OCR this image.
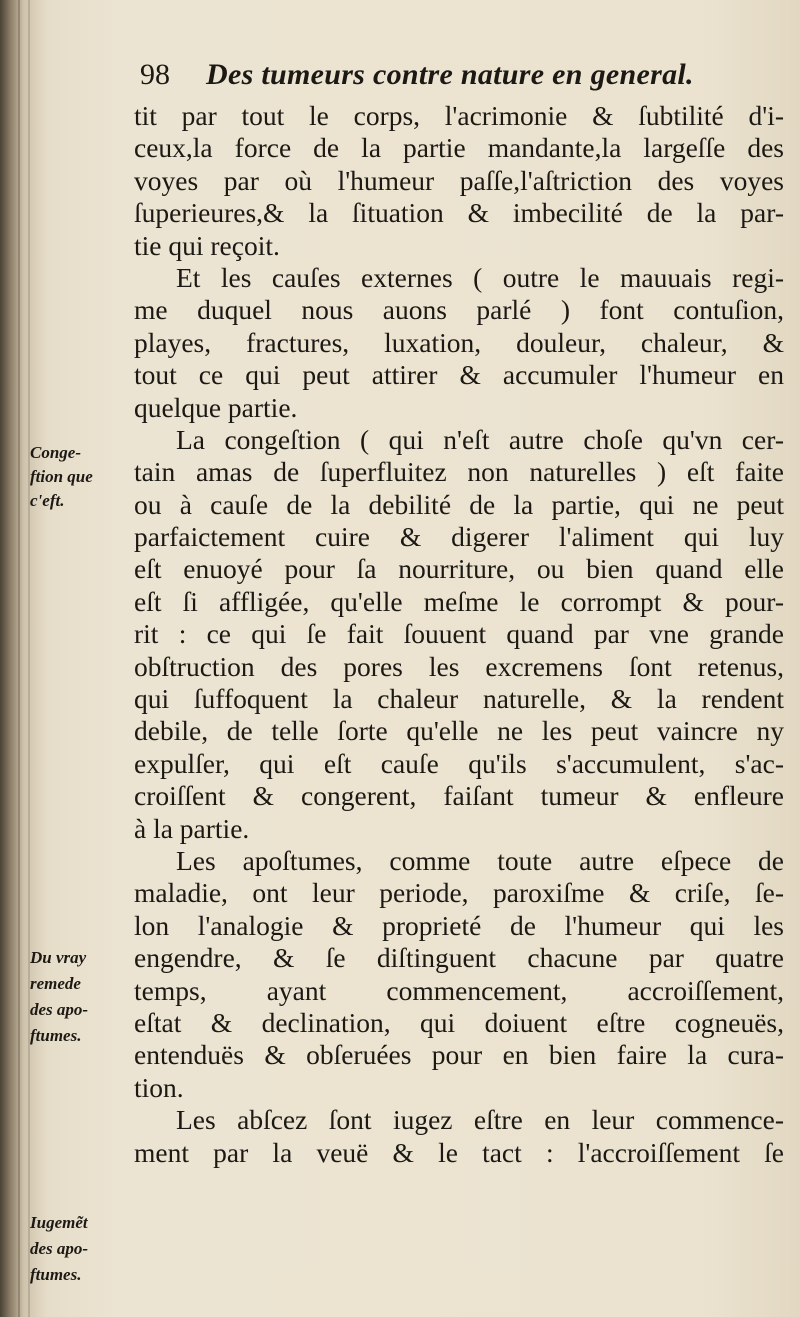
98 Des tumeurs contre nature en general.
Conge-
ftion que
c'eft.
Du vray
remede
des apo-
ftumes.
Iugemẽt
des apo-
ftumes.
tit par tout le corps, l'acrimonie & ſubtilité d'i-
ceux,la force de la partie mandante,la largeſſe des
voyes par où l'humeur paſſe,l'aſtriction des voyes
ſuperieures,& la ſituation & imbecilité de la par-
tie qui reçoit.
Et les cauſes externes ( outre le mauuais regi-
me duquel nous auons parlé ) font contuſion,
playes, fractures, luxation, douleur, chaleur, &
tout ce qui peut attirer & accumuler l'humeur en
quelque partie.
La congeſtion ( qui n'eſt autre choſe qu'vn cer-
tain amas de ſuperfluitez non naturelles ) eſt faite
ou à cauſe de la debilité de la partie, qui ne peut
parfaictement cuire & digerer l'aliment qui luy
eſt enuoyé pour ſa nourriture, ou bien quand elle
eſt ſi affligée, qu'elle meſme le corrompt & pour-
rit : ce qui ſe fait ſouuent quand par vne grande
obſtruction des pores les excremens ſont retenus,
qui ſuffoquent la chaleur naturelle, & la rendent
debile, de telle ſorte qu'elle ne les peut vaincre ny
expulſer, qui eſt cauſe qu'ils s'accumulent, s'ac-
croiſſent & congerent, faiſant tumeur & enfleure
à la partie.
Les apoſtumes, comme toute autre eſpece de
maladie, ont leur periode, paroxiſme & criſe, ſe-
lon l'analogie & proprieté de l'humeur qui les
engendre, & ſe diſtinguent chacune par quatre
temps, ayant commencement, accroiſſement,
eſtat & declination, qui doiuent eſtre cogneuës,
entenduës & obſeruées pour en bien faire la cura-
tion.
Les abſcez ſont iugez eſtre en leur commence-
ment par la veuë & le tact : l'accroiſſement ſe
